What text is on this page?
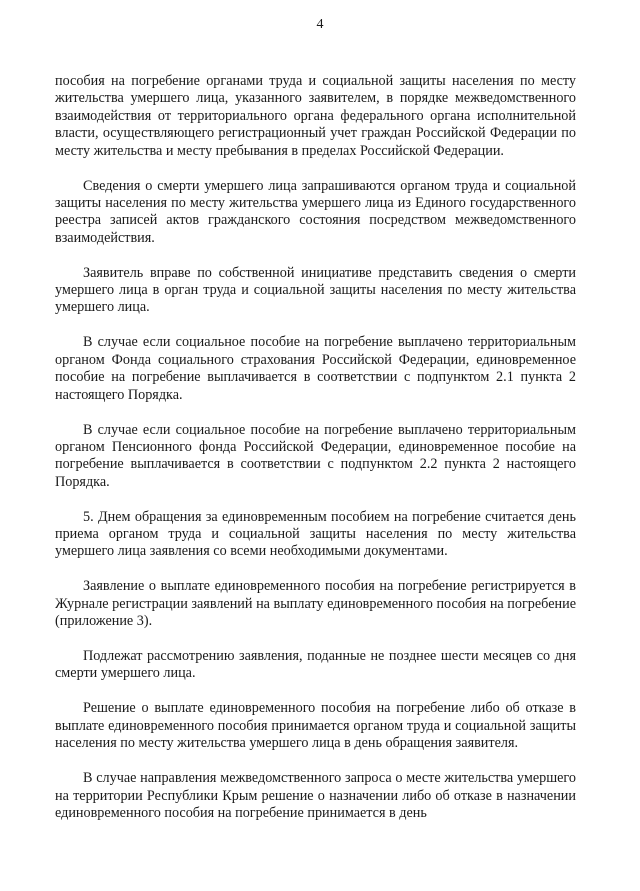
4

пособия на погребение органами труда и социальной защиты населения по месту жительства умершего лица, указанного заявителем, в порядке межведомственного взаимодействия от территориального органа федерального органа исполнительной власти, осуществляющего регистрационный учет граждан Российской Федерации по месту жительства и месту пребывания в пределах Российской Федерации.

Сведения о смерти умершего лица запрашиваются органом труда и социальной защиты населения по месту жительства умершего лица из Единого государственного реестра записей актов гражданского состояния посредством межведомственного взаимодействия.

Заявитель вправе по собственной инициативе представить сведения о смерти умершего лица в орган труда и социальной защиты населения по месту жительства умершего лица.

В случае если социальное пособие на погребение выплачено территориальным органом Фонда социального страхования Российской Федерации, единовременное пособие на погребение выплачивается в соответствии с подпунктом 2.1 пункта 2 настоящего Порядка.

В случае если социальное пособие на погребение выплачено территориальным органом Пенсионного фонда Российской Федерации, единовременное пособие на погребение выплачивается в соответствии с подпунктом 2.2 пункта 2 настоящего Порядка.

5. Днем обращения за единовременным пособием на погребение считается день приема органом труда и социальной защиты населения по месту жительства умершего лица заявления со всеми необходимыми документами.

Заявление о выплате единовременного пособия на погребение регистрируется в Журнале регистрации заявлений на выплату единовременного пособия на погребение (приложение 3).

Подлежат рассмотрению заявления, поданные не позднее шести месяцев со дня смерти умершего лица.

Решение о выплате единовременного пособия на погребение либо об отказе в выплате единовременного пособия принимается органом труда и социальной защиты населения по месту жительства умершего лица в день обращения заявителя.

В случае направления межведомственного запроса о месте жительства умершего на территории Республики Крым решение о назначении либо об отказе в назначении единовременного пособия на погребение принимается в день
